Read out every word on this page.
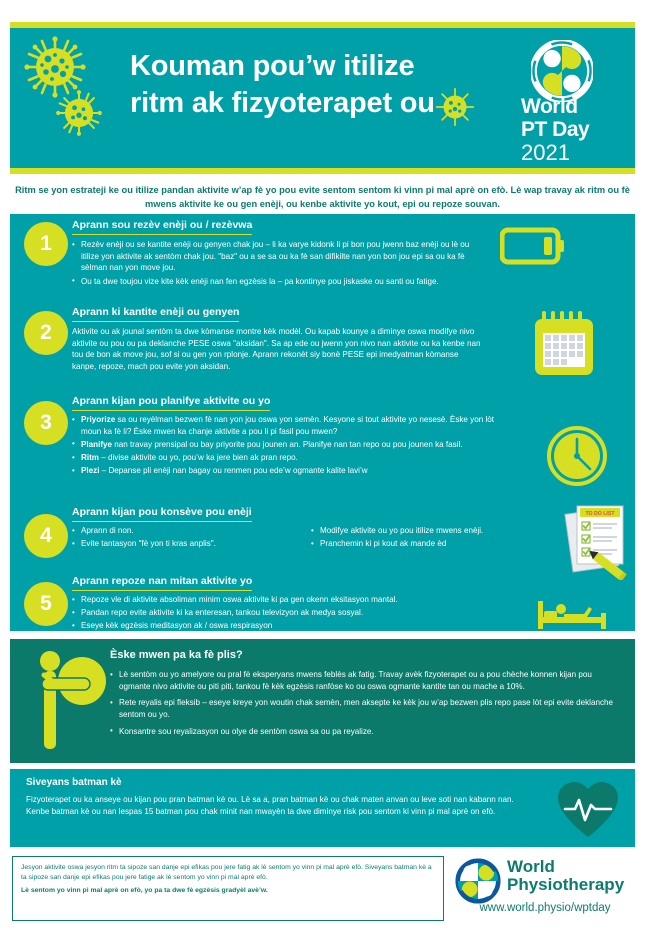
Kouman pou’w itilize ritm ak fizyoterapet ou	World
PT Day
2021
Ritm se yon estrateji ke ou itilize pandan aktivite w’ap fè yo pou evite sentom sentom ki vinn pi mal aprè on efò. Lè wap travay ak ritm ou fè mwens aktivite ke ou gen enèji, ou kenbe aktivite yo kout, epi ou repoze souvan.
1
Aprann sou rezèv enèji ou / rezèvwa
• Rezèv enèji ou se kantite enèji ou genyen chak jou – li ka varye kidonk li pi bon pou jwenn baz enèji ou lè ou itilize yon aktivite ak sentòm chak jou. "baz" ou a se sa ou ka fè san difikilte nan yon bon jou epi sa ou ka fè sèlman nan yon move jou.
• Ou ta dwe toujou vize kite kèk enèji nan fen egzèsis la – pa kontinye pou jiskaske ou santi ou fatige.
2
Aprann ki kantite enèji ou genyen
Aktivite ou ak jounal sentòm ta dwe kòmanse montre kèk modèl. Ou kapab kounye a diminye oswa modifye nivo aktivite ou pou ou pa deklanche PESE oswa "aksidan". Sa ap ede ou jwenn yon nivo nan aktivite ou ka kenbe nan tou de bon ak move jou, sof si ou gen yon rplonje. Aprann rekonèt siy bonè PESE epi imedyatman kòmanse kanpe, repoze, mach pou evite yon aksidan.
3
Aprann kijan pou planifye aktivite ou yo
• Priyorize sa ou reyèlman bezwen fè nan yon jou oswa yon semèn. Kesyone si tout aktivite yo nesesè. Èske yon lòt moun ka fè li? Èske mwen ka chanje aktivite a pou li pi fasil pou mwen?
• Planifye nan travay prensipal ou bay priyorite pou jounen an. Planifye nan tan repo ou pou jounen ka fasil.
• Ritm – divise aktivite ou yo, pou’w ka jere bien ak pran repo.
• Plezi – Depanse pli enèji nan bagay ou renmen pou ede’w ogmante kalite lavi’w
4
Aprann kijan pou konsève pou enèji
• Aprann di non.
• Evite tantasyon "fè yon ti kras anplis".
• Modifye aktivite ou yo pou itilize mwens enèji.
• Pranchemin ki pi kout ak mande èd
TO DO LIST
5
Aprann repoze nan mitan aktivite yo
• Repoze vle di aktivite absoliman minim oswa aktivite ki pa gen okenn eksitasyon mantal.
• Pandan repo evite aktivite ki ka enteresan, tankou televizyon ak medya sosyal.
• Eseye kèk egzèsis meditasyon ak / oswa respirasyon
Èske mwen pa ka fè plis?
• Lè sentòm ou yo amelyore ou pral fè eksperyans mwens feblès ak fatig. Travay avèk fizyoterapet ou a pou chèche konnen kijan pou ogmante nivo aktivite ou piti piti, tankou fè kèk egzèsis ranfòse ko ou oswa ogmante kantite tan ou mache a 10%.
• Rete reyalis epi fleksib – eseye kreye yon woutin chak semèn, men aksepte ke kèk jou w’ap bezwen plis repo pase lòt epi evite deklanche sentom ou yo.
• Konsantre sou reyalizasyon ou olye de sentòm oswa sa ou pa reyalize.
Siveyans batman kè
Fizyoterapet ou ka anseye ou kijan pou pran batman kè ou. Lè sa a, pran batman kè ou chak maten anvan ou leve soti nan kabann nan. Kenbe batman kè ou nan lespas 15 batman pou chak minit nan mwayèn ta dwe diminye risk pou sentom ki vinn pi mal aprè on efò.
Jesyon aktivite oswa jesyon ritm ta sipoze san danje epi efikas pou jere fatig ak lè sentom yo vinn pi mal aprè efò. Siveyans batman kè a ta sipoze san danje epi efikas pou jere fatige ak lè sentom yo vinn pi mal aprè efò.
Lè sentom yo vinn pi mal aprè on efò, yo pa ta dwe fè egzèsis gradyèl avè’w.
World
Physiotherapy
www.world.physio/wptday
